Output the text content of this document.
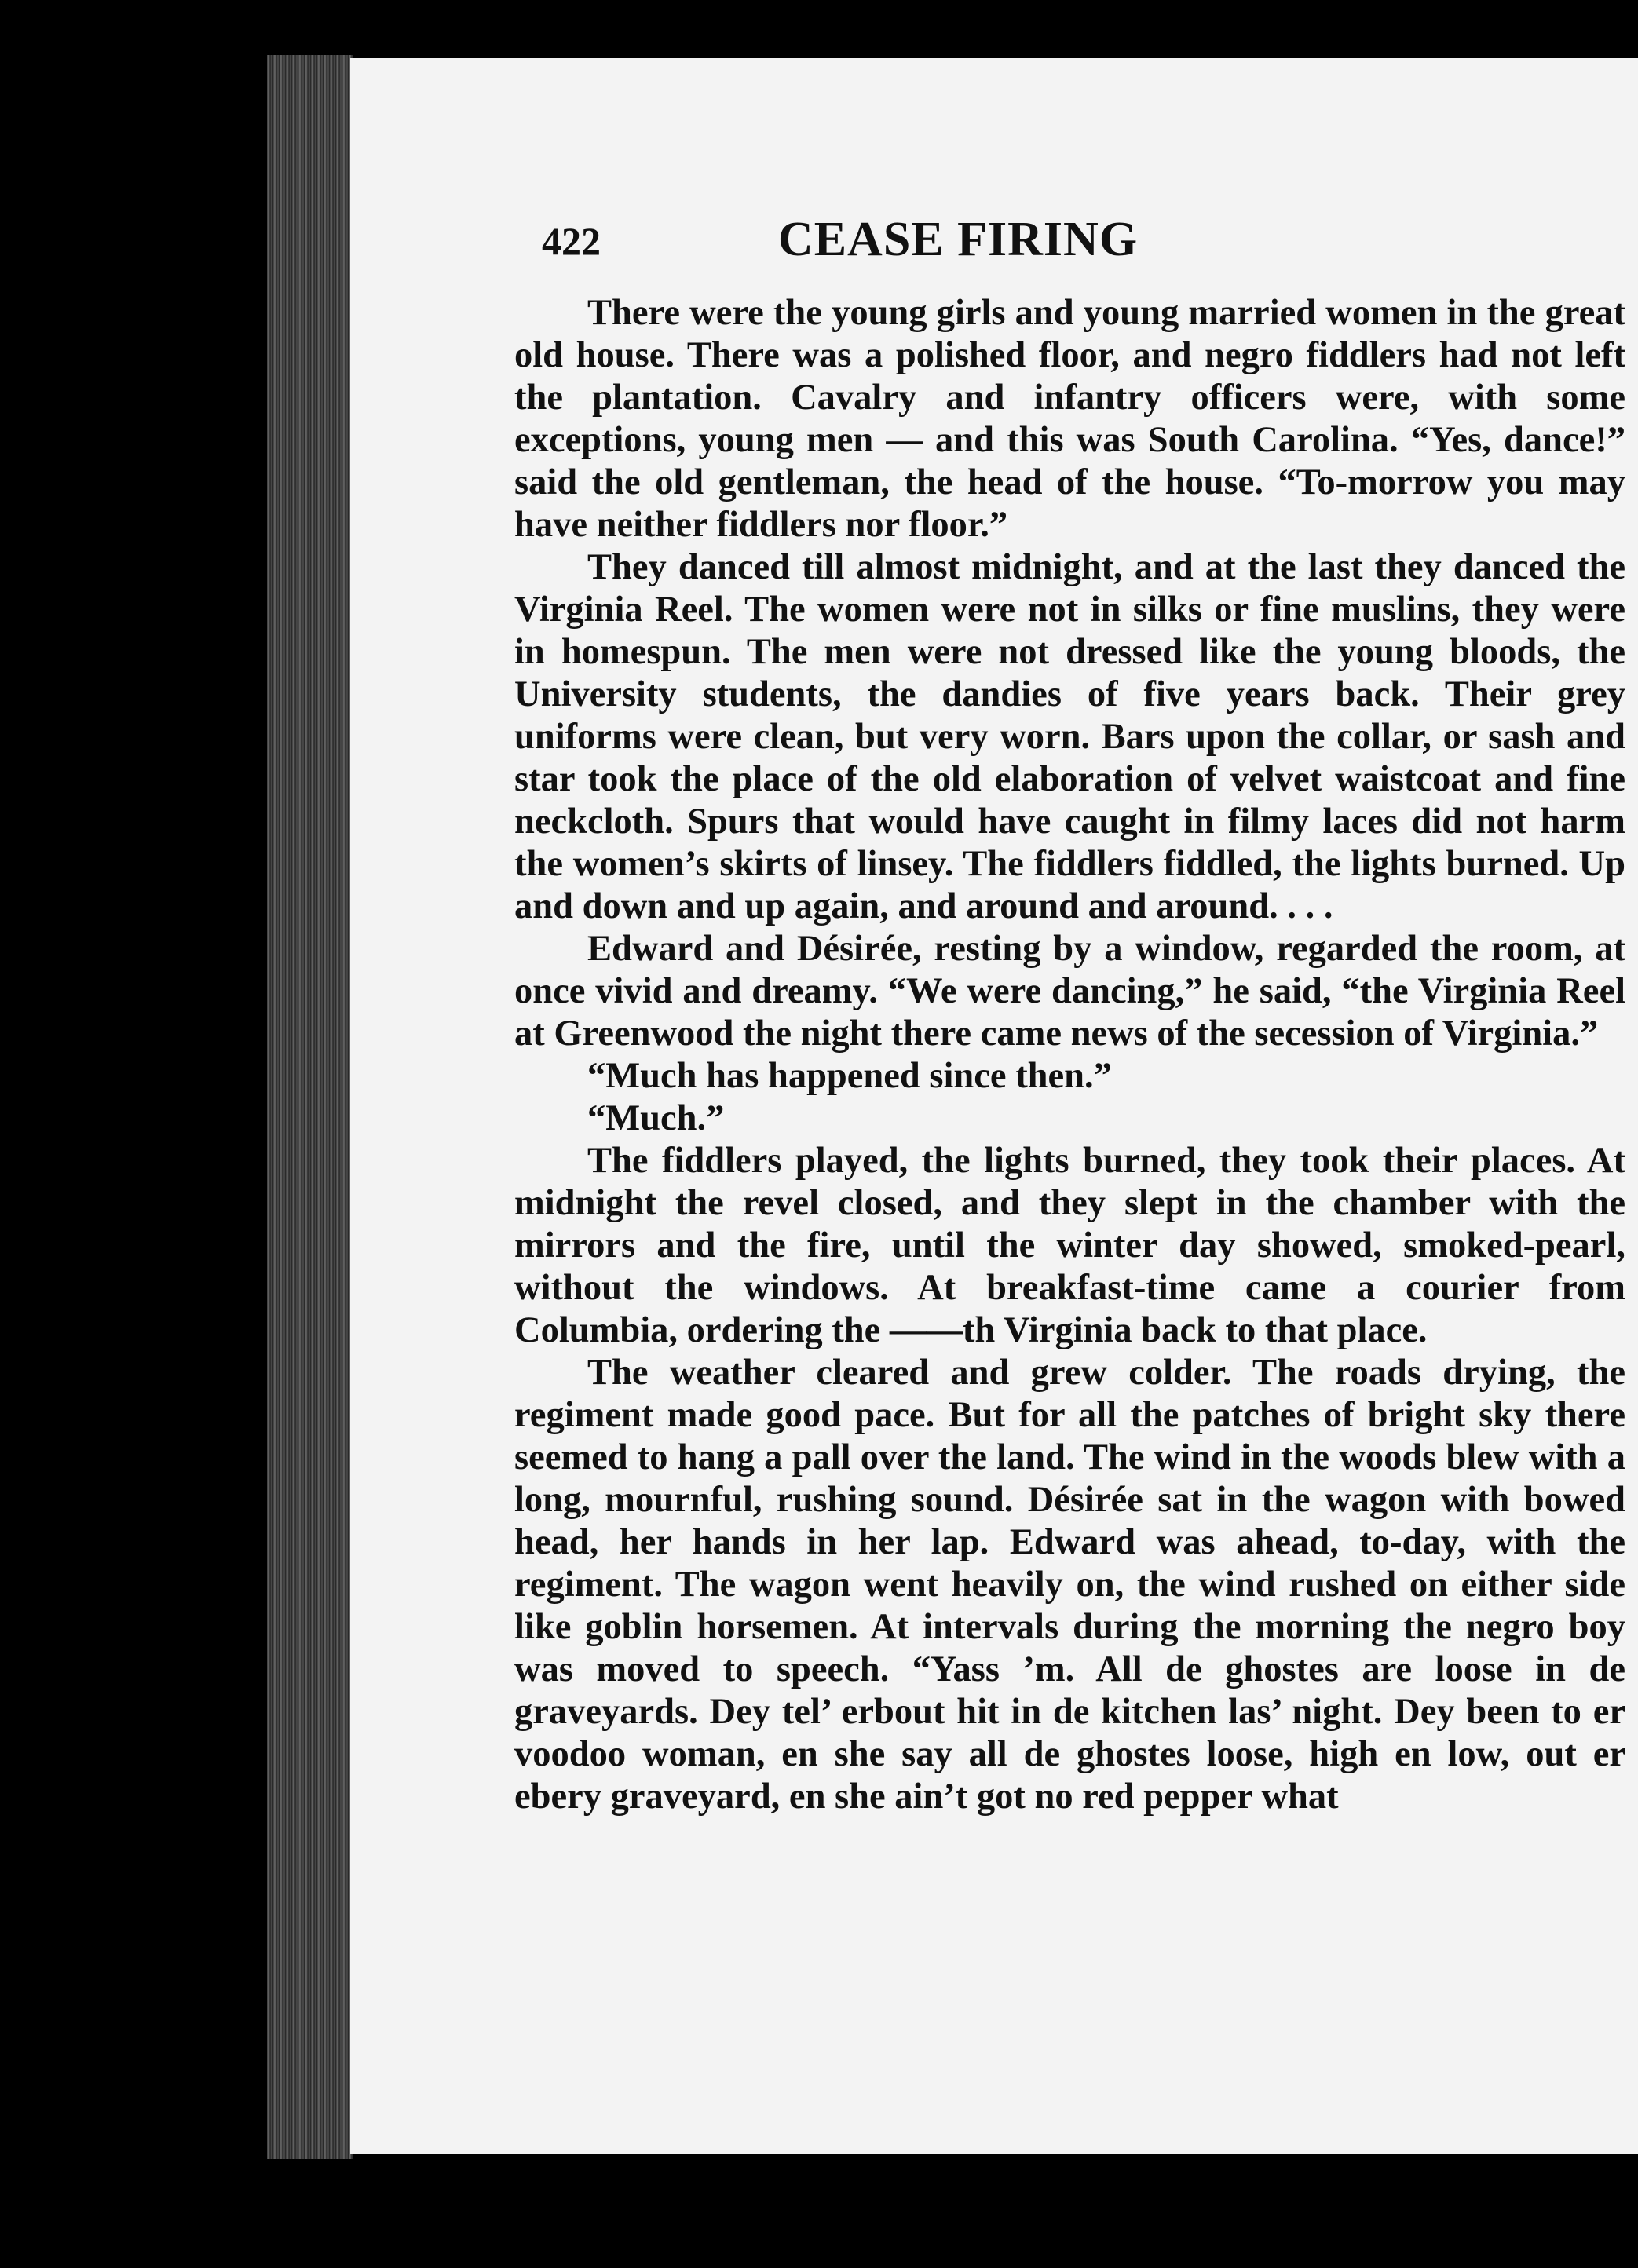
422	CEASE FIRING

There were the young girls and young married women in the great old house. There was a polished floor, and negro fiddlers had not left the plantation. Cavalry and infantry officers were, with some exceptions, young men — and this was South Carolina. “Yes, dance!” said the old gentleman, the head of the house. “To-morrow you may have neither fiddlers nor floor.”

They danced till almost midnight, and at the last they danced the Virginia Reel. The women were not in silks or fine muslins, they were in homespun. The men were not dressed like the young bloods, the University students, the dandies of five years back. Their grey uniforms were clean, but very worn. Bars upon the collar, or sash and star took the place of the old elaboration of velvet waistcoat and fine neckcloth. Spurs that would have caught in filmy laces did not harm the women’s skirts of linsey. The fiddlers fiddled, the lights burned. Up and down and up again, and around and around. . . .

Edward and Désirée, resting by a window, regarded the room, at once vivid and dreamy. “We were dancing,” he said, “the Virginia Reel at Greenwood the night there came news of the secession of Virginia.”

“Much has happened since then.”

“Much.”

The fiddlers played, the lights burned, they took their places. At midnight the revel closed, and they slept in the chamber with the mirrors and the fire, until the winter day showed, smoked-pearl, without the windows. At breakfast-time came a courier from Columbia, ordering the ——th Virginia back to that place.

The weather cleared and grew colder. The roads drying, the regiment made good pace. But for all the patches of bright sky there seemed to hang a pall over the land. The wind in the woods blew with a long, mournful, rushing sound. Désirée sat in the wagon with bowed head, her hands in her lap. Edward was ahead, to-day, with the regiment. The wagon went heavily on, the wind rushed on either side like goblin horsemen. At intervals during the morning the negro boy was moved to speech. “Yass ’m. All de ghostes are loose in de graveyards. Dey tel’ erbout hit in de kitchen las’ night. Dey been to er voodoo woman, en she say all de ghostes loose, high en low, out er ebery graveyard, en she ain’t got no red pepper what
